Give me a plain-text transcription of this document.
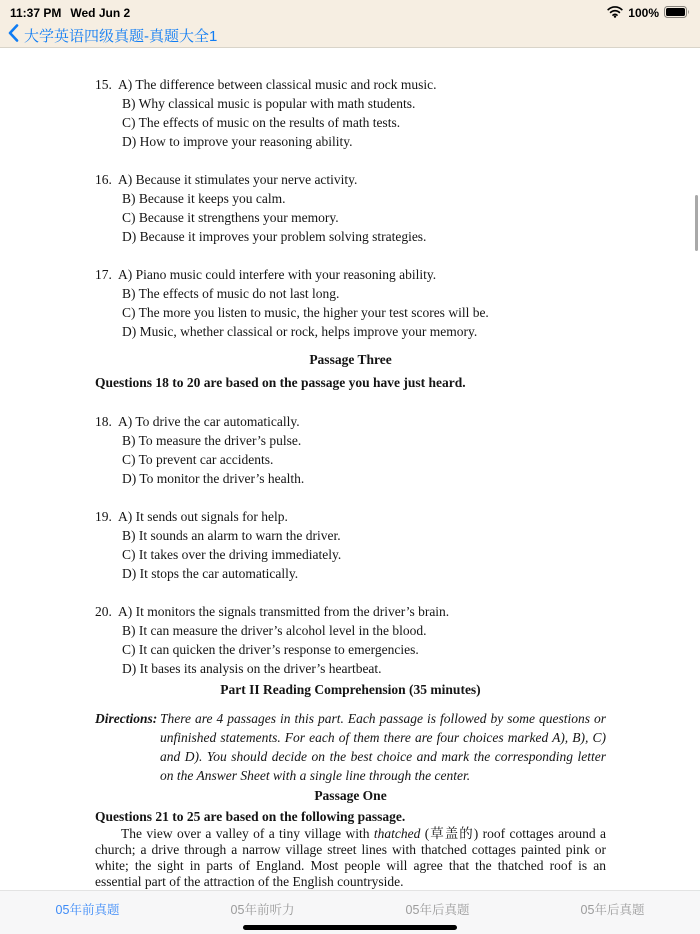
11:37 PM Wed Jun 2	100%
大学英语四级真题-真题大全1
15. A) The difference between classical music and rock music.
B) Why classical music is popular with math students.
C) The effects of music on the results of math tests.
D) How to improve your reasoning ability.
16. A) Because it stimulates your nerve activity.
B) Because it keeps you calm.
C) Because it strengthens your memory.
D) Because it improves your problem solving strategies.
17. A) Piano music could interfere with your reasoning ability.
B) The effects of music do not last long.
C) The more you listen to music, the higher your test scores will be.
D) Music, whether classical or rock, helps improve your memory.
Passage Three
Questions 18 to 20 are based on the passage you have just heard.
18. A) To drive the car automatically.
B) To measure the driver’s pulse.
C) To prevent car accidents.
D) To monitor the driver’s health.
19. A) It sends out signals for help.
B) It sounds an alarm to warn the driver.
C) It takes over the driving immediately.
D) It stops the car automatically.
20. A) It monitors the signals transmitted from the driver’s brain.
B) It can measure the driver’s alcohol level in the blood.
C) It can quicken the driver’s response to emergencies.
D) It bases its analysis on the driver’s heartbeat.
Part II Reading Comprehension (35 minutes)
Directions: There are 4 passages in this part. Each passage is followed by some questions or unfinished statements. For each of them there are four choices marked A), B), C) and D). You should decide on the best choice and mark the corresponding letter on the Answer Sheet with a single line through the center.
Passage One
Questions 21 to 25 are based on the following passage.
The view over a valley of a tiny village with thatched (草盖的) roof cottages around a church; a drive through a narrow village street lines with thatched cottages painted pink or white; the sight in parts of England. Most people will agree that the thatched roof is an essential part of the attraction of the English countryside.
05年前真题	05年前听力	05年后真题	05年后真题
